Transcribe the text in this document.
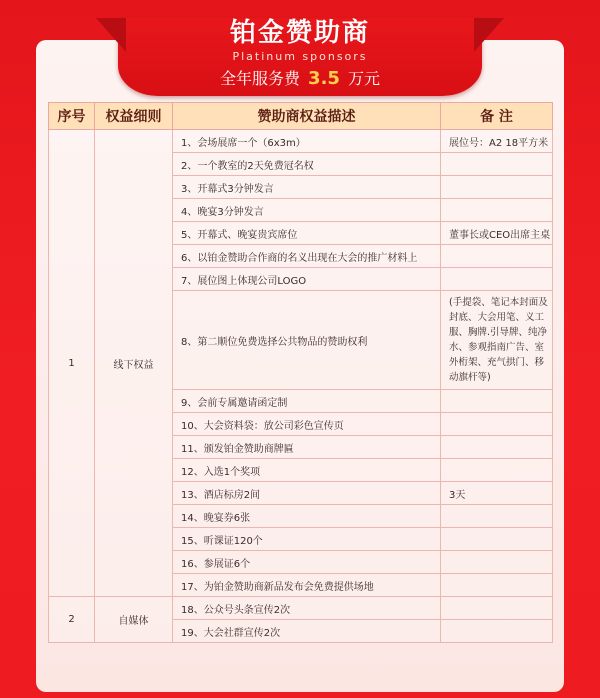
铂金赞助商
Platinum sponsors
全年服务费 3.5 万元
序号	权益细则	赞助商权益描述	备 注
1	线下权益	1、会场展席一个（6x3m）	展位号：A2 18平方米
		2、一个教室的2天免费冠名权	
		3、开幕式3分钟发言	
		4、晚宴3分钟发言	
		5、开幕式、晚宴贵宾席位	董事长或CEO出席主桌
		6、以铂金赞助合作商的名义出现在大会的推广材料上	
		7、展位图上体现公司LOGO	
		8、第二顺位免费选择公共物品的赞助权利	(手提袋、笔记本封面及封底、大会用笔、义工服、胸牌.引导牌、纯净水、参观指南广告、室外桁架、充气拱门、移动旗杆等)
		9、会前专属邀请函定制	
		10、大会资料袋：放公司彩色宣传页	
		11、颁发铂金赞助商牌匾	
		12、入选1个奖项	
		13、酒店标房2间	3天
		14、晚宴券6张	
		15、听课证120个	
		16、参展证6个	
		17、为铂金赞助商新品发布会免费提供场地	
2	自媒体	18、公众号头条宣传2次	
		19、大会社群宣传2次	
